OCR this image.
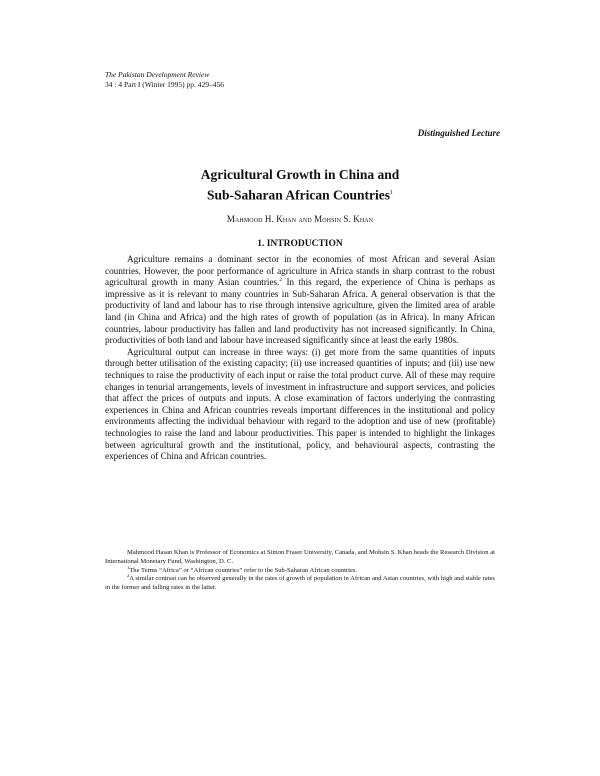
The Pakistan Development Review
34 : 4 Part I (Winter 1995) pp. 429–456
Distinguished Lecture
Agricultural Growth in China and
Sub-Saharan African Countries$^1$
Mahmood H. Khan and Mohsin S. Khan
1. INTRODUCTION

Agriculture remains a dominant sector in the economies of most African and several Asian countries. However, the poor performance of agriculture in Africa stands in sharp contrast to the robust agricultural growth in many Asian countries.$^2$ In this regard, the experience of China is perhaps as impressive as it is relevant to many countries in Sub-Saharan Africa. A general observation is that the productivity of land and labour has to rise through intensive agriculture, given the limited area of arable land (in China and Africa) and the high rates of growth of population (as in Africa). In many African countries, labour productivity has fallen and land productivity has not increased significantly. In China, productivities of both land and labour have increased significantly since at least the early 1980s.

Agricultural output can increase in three ways: (i) get more from the same quantities of inputs through better utilisation of the existing capacity; (ii) use increased quantities of inputs; and (iii) use new techniques to raise the productivity of each input or raise the total product curve. All of these may require changes in tenurial arrangements, levels of investment in infrastructure and support services, and policies that affect the prices of outputs and inputs. A close examination of factors underlying the contrasting experiences in China and African countries reveals important differences in the institutional and policy environments affecting the individual behaviour with regard to the adoption and use of new (profitable) technologies to raise the land and labour productivities. This paper is intended to highlight the linkages between agricultural growth and the institutional, policy, and behavioural aspects, contrasting the experiences of China and African countries.

Mahmood Hasan Khan is Professor of Economics at Simon Fraser University, Canada, and Mohsin S. Khan heads the Research Division at International Monetary Fund, Washington, D. C.

$^1$The Terms “Africa” or “African countries” refer to the Sub-Saharan African countries.

$^2$A similar contrast can be observed generally in the rates of growth of population in African and Asian countries, with high and stable rates in the former and falling rates in the latter.
